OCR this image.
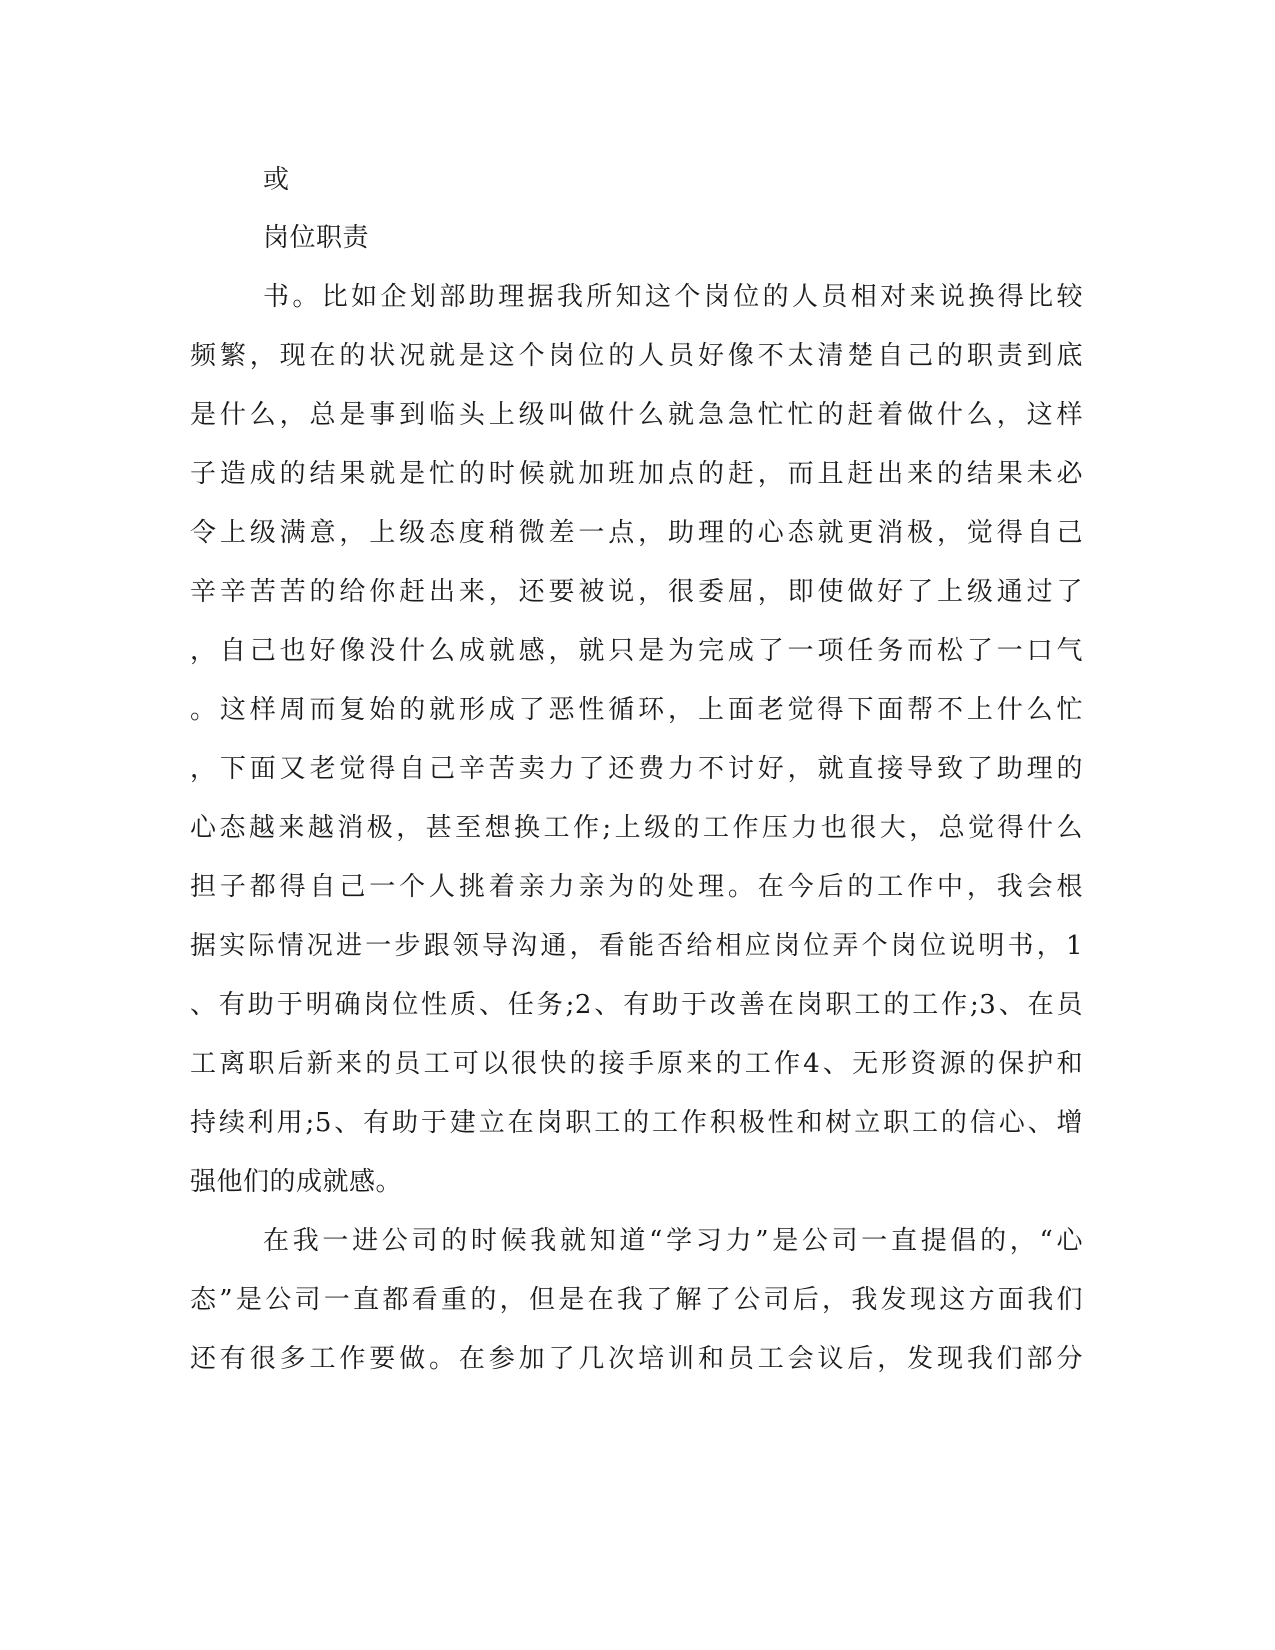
或
岗位职责
书。比如企划部助理据我所知这个岗位的人员相对来说换得比较
频繁，现在的状况就是这个岗位的人员好像不太清楚自己的职责到底
是什么，总是事到临头上级叫做什么就急急忙忙的赶着做什么，这样
子造成的结果就是忙的时候就加班加点的赶，而且赶出来的结果未必
令上级满意，上级态度稍微差一点，助理的心态就更消极，觉得自己
辛辛苦苦的给你赶出来，还要被说，很委屈，即使做好了上级通过了
，自己也好像没什么成就感，就只是为完成了一项任务而松了一口气
。这样周而复始的就形成了恶性循环，上面老觉得下面帮不上什么忙
，下面又老觉得自己辛苦卖力了还费力不讨好，就直接导致了助理的
心态越来越消极，甚至想换工作;上级的工作压力也很大，总觉得什么
担子都得自己一个人挑着亲力亲为的处理。在今后的工作中，我会根
据实际情况进一步跟领导沟通，看能否给相应岗位弄个岗位说明书，1
、有助于明确岗位性质、任务;2、有助于改善在岗职工的工作;3、在员
工离职后新来的员工可以很快的接手原来的工作4、无形资源的保护和
持续利用;5、有助于建立在岗职工的工作积极性和树立职工的信心、增
强他们的成就感。
在我一进公司的时候我就知道“学习力”是公司一直提倡的，“心
态”是公司一直都看重的，但是在我了解了公司后，我发现这方面我们
还有很多工作要做。在参加了几次培训和员工会议后，发现我们部分
